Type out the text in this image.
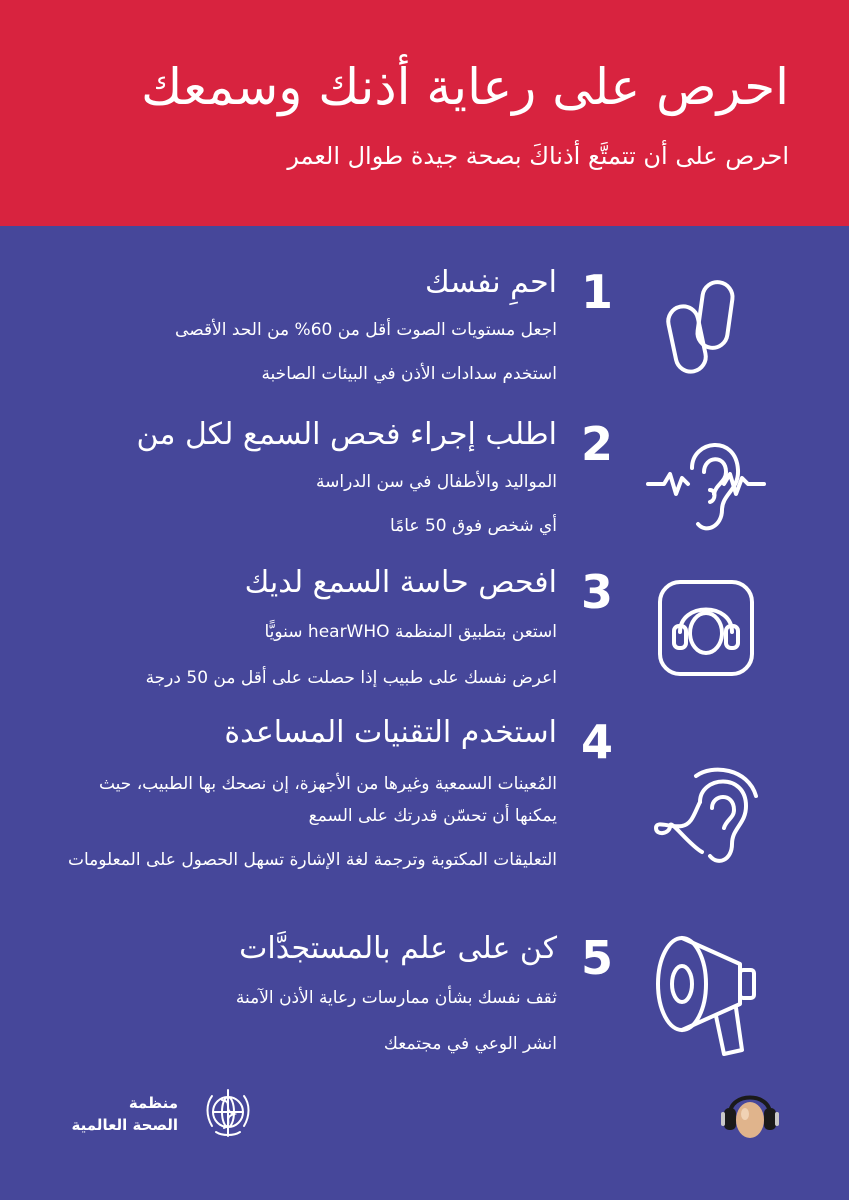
احرص على رعاية أذنك وسمعك
احرص على أن تتمتَّع أذناكَ بصحة جيدة طوال العمر
1
احمِ نفسك
اجعل مستويات الصوت أقل من 60% من الحد الأقصى
استخدم سدادات الأذن في البيئات الصاخبة
2
اطلب إجراء فحص السمع لكل من
المواليد والأطفال في سن الدراسة
أي شخص فوق 50 عامًا
3
افحص حاسة السمع لديك
استعن بتطبيق المنظمة hearWHO سنويًّا
اعرض نفسك على طبيب إذا حصلت على أقل من 50 درجة
4
استخدم التقنيات المساعدة
المُعينات السمعية وغيرها من الأجهزة، إن نصحك بها الطبيب، حيث يمكنها أن تحسّن قدرتك على السمع
التعليقات المكتوبة وترجمة لغة الإشارة تسهل الحصول على المعلومات
5
كن على علم بالمستجدَّات
ثقف نفسك بشأن ممارسات رعاية الأذن الآمنة
انشر الوعي في مجتمعك
منظمة
الصحة العالمية
